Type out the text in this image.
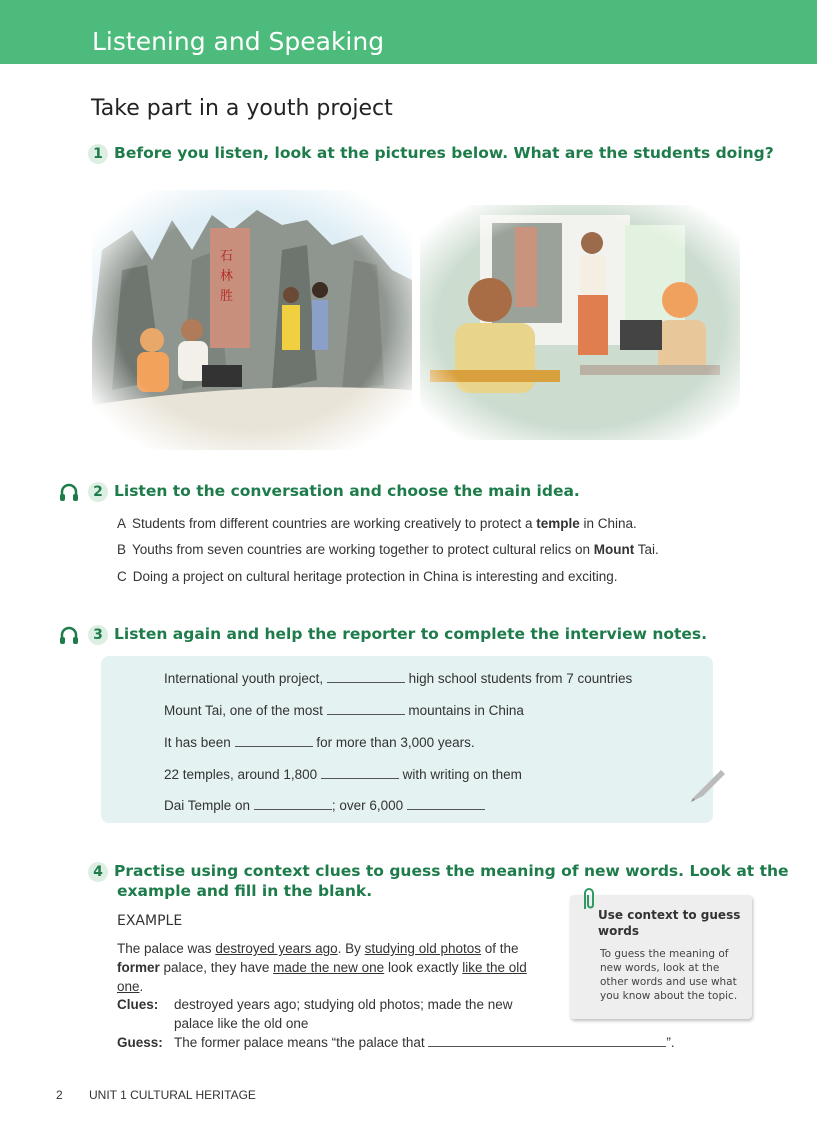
Listening and Speaking
Take part in a youth project
1 Before you listen, look at the pictures below. What are the students doing?
2 Listen to the conversation and choose the main idea.
A Students from different countries are working creatively to protect a temple in China.
B Youths from seven countries are working together to protect cultural relics on Mount Tai.
C Doing a project on cultural heritage protection in China is interesting and exciting.
3 Listen again and help the reporter to complete the interview notes.
International youth project,	high school students from 7 countries
Mount Tai, one of the most	mountains in China
It has been	for more than 3,000 years.
22 temples, around 1,800	with writing on them
Dai Temple on	; over 6,000
4 Practise using context clues to guess the meaning of new words. Look at the
example and fill in the blank.
EXAMPLE
The palace was destroyed years ago. By studying old photos of the
former palace, they have made the new one look exactly like the old
one.
Clues: destroyed years ago; studying old photos; made the new
palace like the old one
Guess: The former palace means “the palace that	”.
Use context to guess
words
To guess the meaning of new words, look at the other words and use what you know about the topic.
2 UNIT 1 CULTURAL HERITAGE
